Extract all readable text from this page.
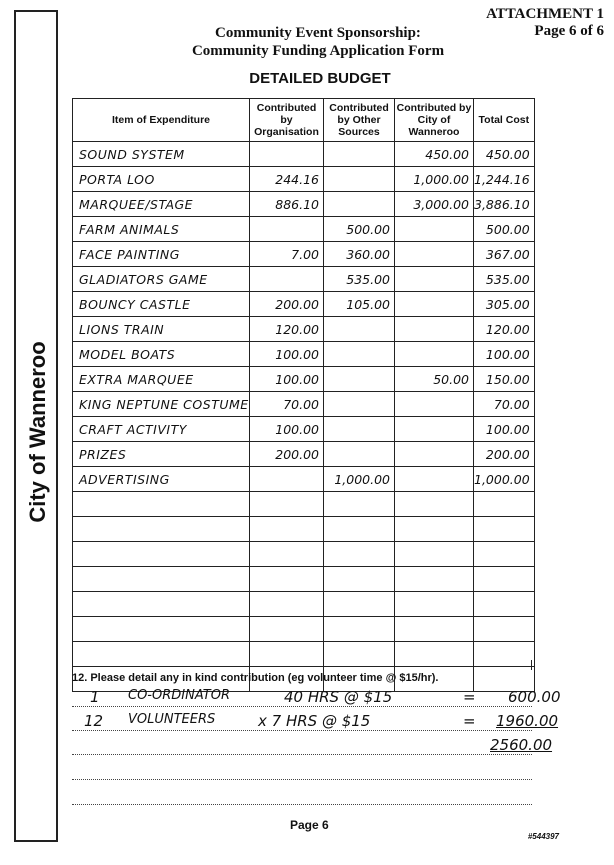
ATTACHMENT 1
Page 6 of 6
Community Event Sponsorship:
Community Funding Application Form
DETAILED BUDGET
City of Wanneroo
Item of Expenditure	Contributed by Organisation	Contributed by Other Sources	Contributed by City of Wanneroo	Total Cost
SOUND SYSTEM			450.00	450.00
PORTA LOO	244.16		1,000.00	1,244.16
MARQUEE/STAGE	886.10		3,000.00	3,886.10
FARM ANIMALS		500.00		500.00
FACE PAINTING	7.00	360.00		367.00
GLADIATORS GAME		535.00		535.00
BOUNCY CASTLE	200.00	105.00		305.00
LIONS TRAIN	120.00			120.00
MODEL BOATS	100.00			100.00
EXTRA MARQUEE	100.00		50.00	150.00
KING NEPTUNE COSTUME	70.00			70.00
CRAFT ACTIVITY	100.00			100.00
PRIZES	200.00			200.00
ADVERTISING		1,000.00		1,000.00

12. Please detail any in kind contribution (eg volunteer time @ $15/hr).
1 CO-ORDINATOR	40 HRS @ $15	= 600.00
12 VOLUNTEERS	x 7 HRS @ $15	= 1960.00
2560.00
Page 6
#544397
